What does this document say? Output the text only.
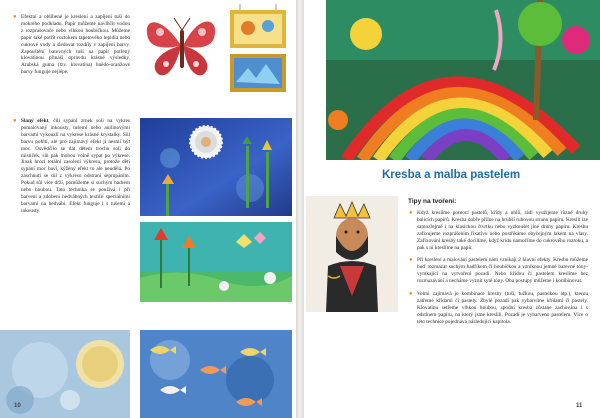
● Efektní a oblíbené je kreslení a zapíjení tuší do mokrého podkladu. Papír můžeme navlhčit vodou z rozprašovače nebo vlhkou houbičkou. Můžeme papír také potřít roztokem tapetového lepidla nebo cukrové vody a sledovat rozdíly v zapíjení barvy. Zapouštění barevných tuší na papír potřený klovatinou přináší opravdu krásné výsledky. Arabská guma (tzv. klovatina) hnědo-oranžové barvy funguje nejlépe.
● Slaný efekt, čili sypání zrnek soli na vykres pomalovaný inkousty, tušemi nebo anilinovými barvami vykouzlí na vykrese krásné krystalky. Sůl barvu pohltí, ale pro zajímavý efekt ji nesmí být moc. Osvědčilo se dát dětem trochu soli do mističek, sůl pak mohou volně sypat po výkrese. Jinak hrozí totální zasolení výkresu, protože děti sypání moc baví, kýžený efekt to ale neudělá. Po zaschnutí se sůl z výkresu odstraní seprupáním. Pokud sůl více drží, pomůžeme si suchým hadrem nebo houbou. Tato technika se používá i při barvení a zdobení hedvábných textilií speciálními barvami na hedvábí. Efekt funguje i s tušemi a inkousty.
10
Kresba a malba pastelem
Tipy na tvoření:
● Když kreslíme pomocí pastelů, křídy a uhlů, rádi využijeme různé druhy balicích papírů. Kresba dobře přilne na hrubší rubovou stranu papíru. Kreslit lze samozřejmě i na klasickou čtvrtku nebo vyzkoušet jiné druhy papíru. Kresbu zafixujeme rozprášením fixativu nebo postříkáme obyčejným lakem na vlasy. Zafixování kresby také docílíme, když kridu namočíme do cukrového roztoku, a pak s ní kreslíme na papír.
● Při kreslení a malování pastelem nám vznikají 2 hlavní efekty. Kresbu můžeme buď rozmazat suchým hadříkem či houbičkou a vzniknou jemné barevné tóny-vymkající na vytvoření pozadí. Nebo křídou či pastelem kreslíme bez rozmazávání a necháme vyznít syté tóny. Oba postupy můžeme i kombinovat.
● Velmi zajímavá je kombinace kresby (tuší, tužkou, pastelkou atp.), kterou zatřeme křídami či pastely. Zbylé pozadí pak vybarvíme křídami či pastely. Klovatinu setřeme vlhkou houbou, spodní kresba zůstane zachována i s odstínem papíru, na který jsme kreslili. Pozadí je vybarveno pastelem. Více o této technice pojednává následující kapitola.
11
